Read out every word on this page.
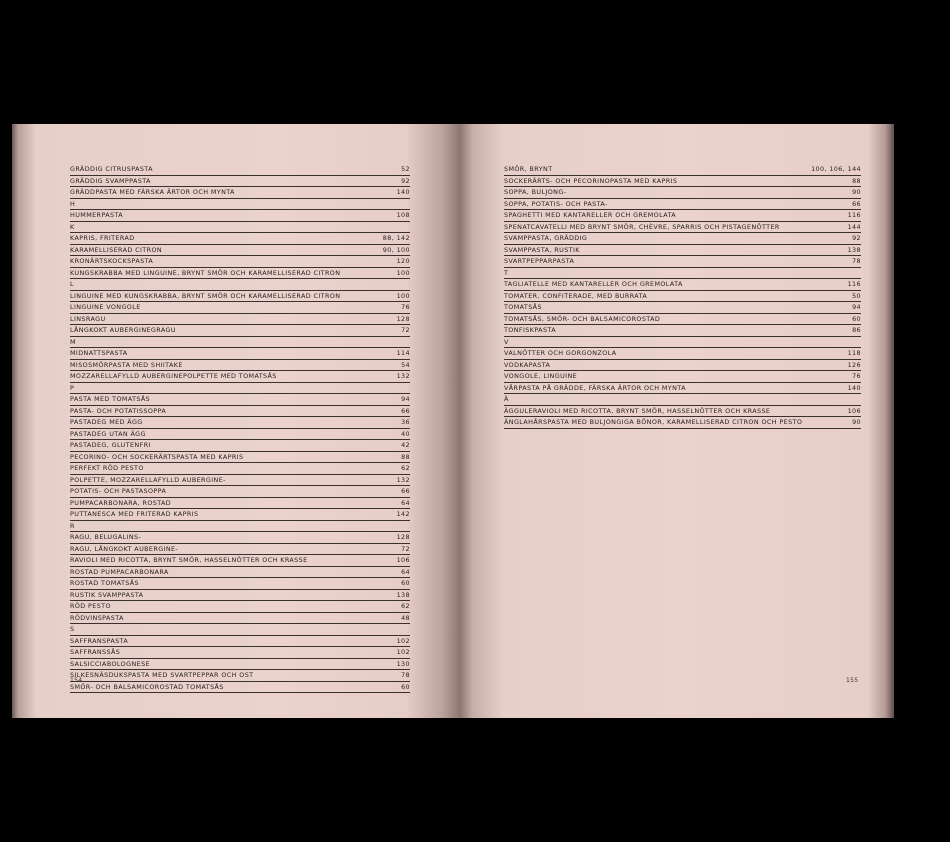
GRÄDDIG CITRUSPASTA	52
GRÄDDIG SVAMPPASTA	92
GRÄDDPASTA MED FÄRSKA ÄRTOR OCH MYNTA	140
H
HUMMERPASTA	108
K
KAPRIS, FRITERAD	88, 142
KARAMELLISERAD CITRON	90, 100
KRONÄRTSKOCKSPASTA	120
KUNGSKRABBA MED LINGUINE, BRYNT SMÖR OCH KARAMELLISERAD CITRON	100
L
LINGUINE MED KUNGSKRABBA, BRYNT SMÖR OCH KARAMELLISERAD CITRON	100
LINGUINE VONGOLE	76
LINSRAGU	128
LÅNGKOKT AUBERGINEGRAGU	72
M
MIDNATTSPASTA	114
MISOSMÖRPASTA MED SHIITAKE	54
MOZZARELLAFYLLD AUBERGINEPOLPETTE MED TOMATSÅS	132
P
PASTA MED TOMATSÅS	94
PASTA- OCH POTATISSOPPA	66
PASTADEG MED ÄGG	36
PASTADEG UTAN ÄGG	40
PASTADEG, GLUTENFRI	42
PECORINO- OCH SOCKERÄRTSPASTA MED KAPRIS	88
PERFEKT RÖD PESTO	62
POLPETTE, MOZZARELLAFYLLD AUBERGINE-	132
POTATIS- OCH PASTASOPPA	66
PUMPACARBONARA, ROSTAD	64
PUTTANESCA MED FRITERAD KAPRIS	142
R
RAGU, BELUGALINS-	128
RAGU, LÅNGKOKT AUBERGINE-	72
RAVIOLI MED RICOTTA, BRYNT SMÖR, HASSELNÖTTER OCH KRASSE	106
ROSTAD PUMPACARBONARA	64
ROSTAD TOMATSÅS	60
RUSTIK SVAMPPASTA	138
RÖD PESTO	62
RÖDVINSPASTA	48
S
SAFFRANSPASTA	102
SAFFRANSSÅS	102
SALSICCIABOLOGNESE	130
SILKESNÄSDUKSPASTA MED SVARTPEPPAR OCH OST	78
SMÖR- OCH BALSAMICOROSTAD TOMATSÅS	60
154
SMÖR, BRYNT	100, 106, 144
SOCKERÄRTS- OCH PECORINOPASTA MED KAPRIS	88
SOPPA, BULJONG-	90
SOPPA, POTATIS- OCH PASTA-	66
SPAGHETTI MED KANTARELLER OCH GREMOLATA	116
SPENATCAVATELLI MED BRYNT SMÖR, CHÈVRE, SPARRIS OCH PISTAGENÖTTER	144
SVAMPPASTA, GRÄDDIG	92
SVAMPPASTA, RUSTIK	138
SVARTPEPPARPASTA	78
T
TAGLIATELLE MED KANTARELLER OCH GREMOLATA	116
TOMATER, CONFITERADE, MED BURRATA	50
TOMATSÅS	94
TOMATSÅS, SMÖR- OCH BALSAMICOROSTAD	60
TONFISKPASTA	86
V
VALNÖTTER OCH GORGONZOLA	118
VODKAPASTA	126
VONGOLE, LINGUINE	76
VÅRPASTA PÅ GRÄDDE, FÄRSKA ÄRTOR OCH MYNTA	140
Ä
ÄGGULERAVIOLI MED RICOTTA, BRYNT SMÖR, HASSELNÖTTER OCH KRASSE	106
ÄNGLAHÅRSPASTA MED BULJONGIGA BÖNOR, KARAMELLISERAD CITRON OCH PESTO	90
155
